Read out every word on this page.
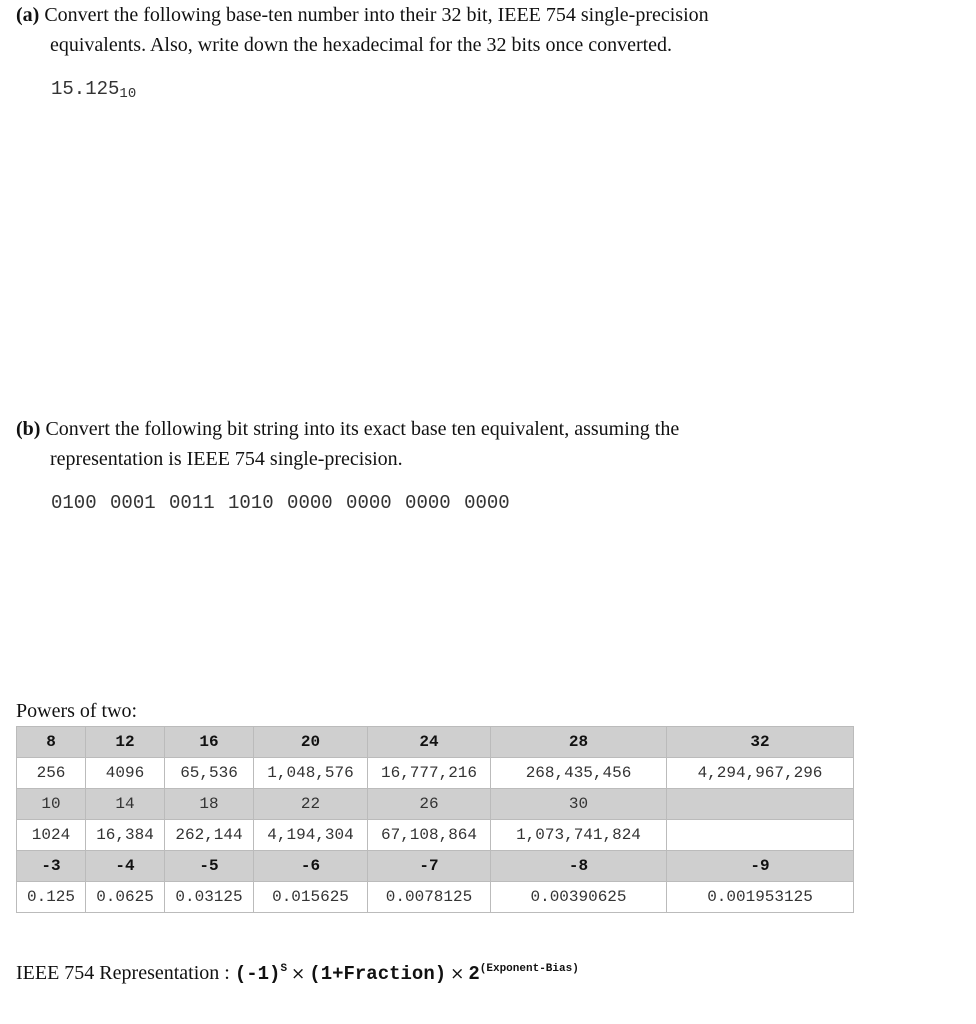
(a) Convert the following base-ten number into their 32 bit, IEEE 754 single-precision
equivalents. Also, write down the hexadecimal for the 32 bits once converted.
$15.125_{10}$
(b) Convert the following bit string into its exact base ten equivalent, assuming the
representation is IEEE 754 single-precision.
0100 0001 0011 1010 0000 0000 0000 0000
Powers of two:
8	12	16	20	24	28	32
256	4096	65,536	1,048,576	16,777,216	268,435,456	4,294,967,296
10	14	18	22	26	30	
1024	16,384	262,144	4,194,304	67,108,864	1,073,741,824	
-3	-4	-5	-6	-7	-8	-9
0.125	0.0625	0.03125	0.015625	0.0078125	0.00390625	0.001953125
IEEE 754 Representation : $(-1)^S$ × (1+Fraction) × $2^{(Exponent-Bias)}$
